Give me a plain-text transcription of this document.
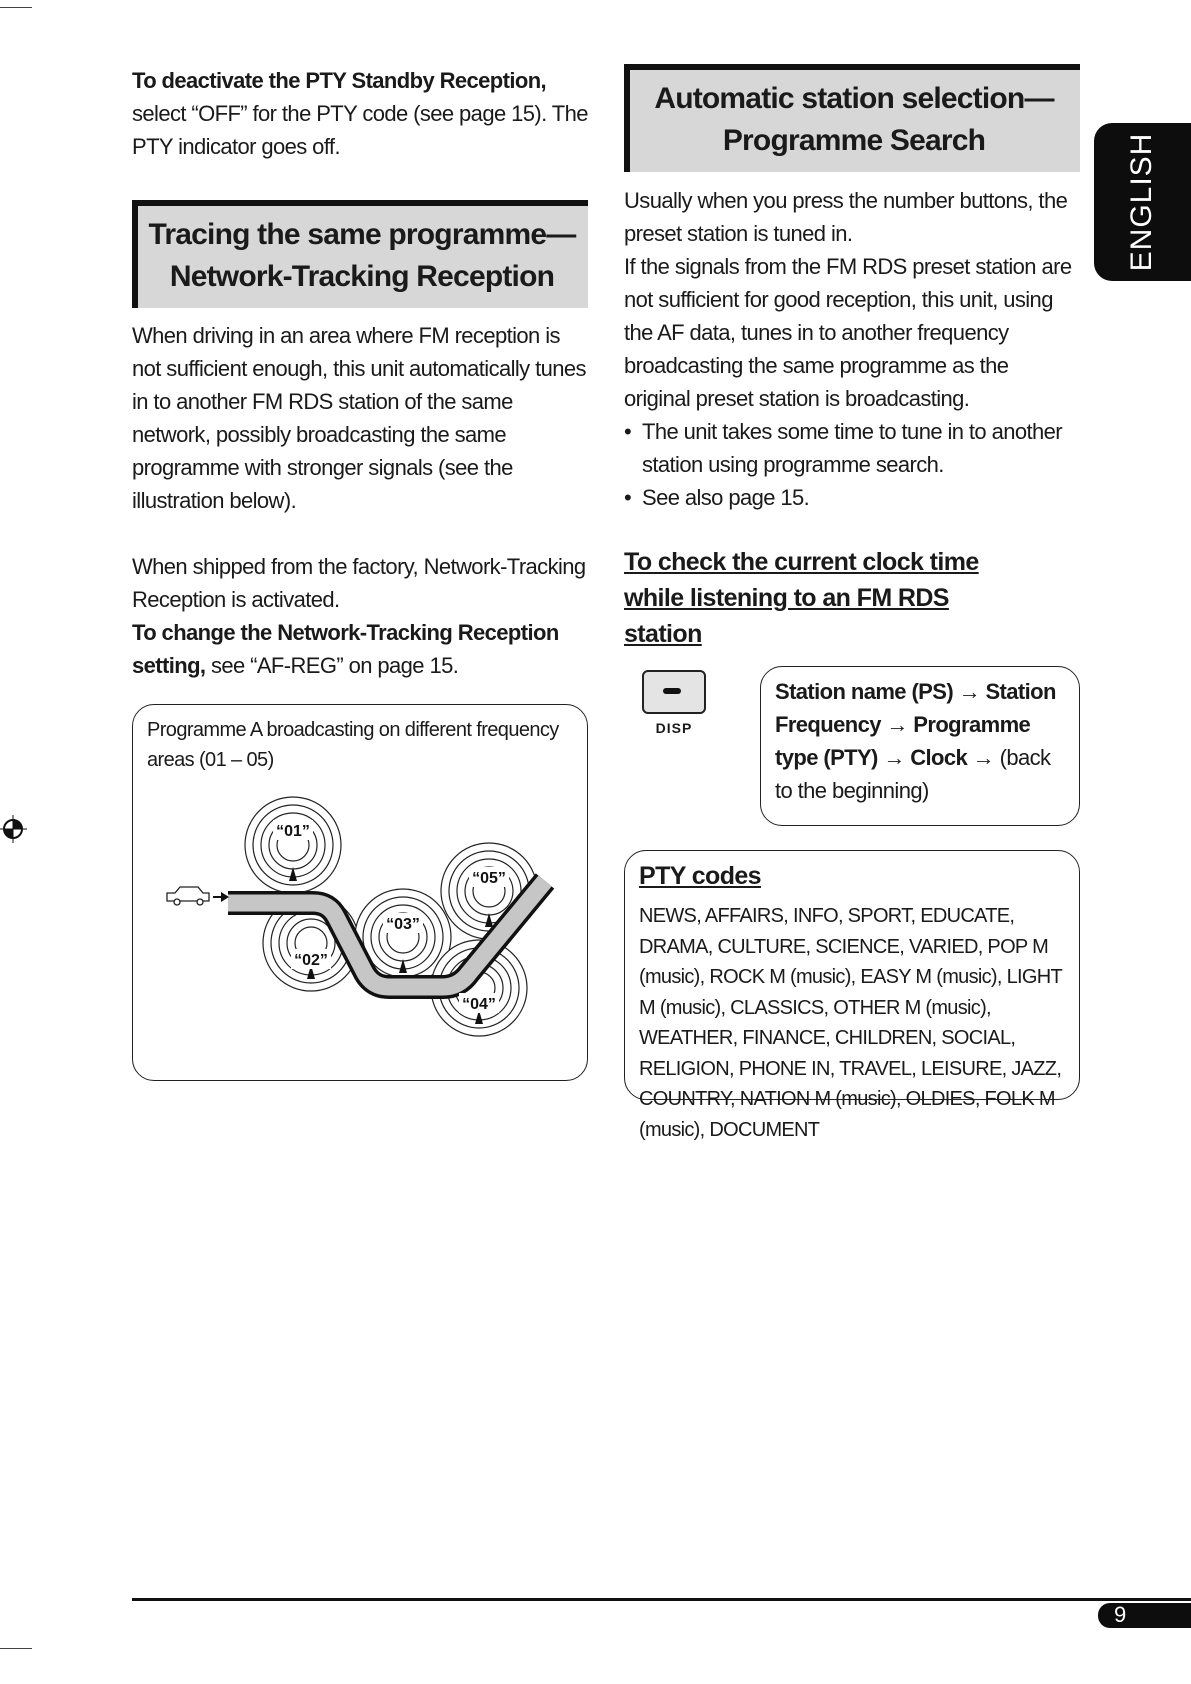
To deactivate the PTY Standby Reception, select “OFF” for the PTY code (see page 15). The PTY indicator goes off.

Tracing the same programme—
Network-Tracking Reception

When driving in an area where FM reception is not sufficient enough, this unit automatically tunes in to another FM RDS station of the same network, possibly broadcasting the same programme with stronger signals (see the illustration below).

When shipped from the factory, Network-Tracking Reception is activated.

To change the Network-Tracking Reception setting, see “AF-REG” on page 15.

Programme A broadcasting on different frequency areas (01 – 05)

“01”
“02”
“03”
“04”
“05”
Automatic station selection—
Programme Search

Usually when you press the number buttons, the preset station is tuned in.

If the signals from the FM RDS preset station are not sufficient for good reception, this unit, using the AF data, tunes in to another frequency broadcasting the same programme as the original preset station is broadcasting.

• The unit takes some time to tune in to another station using programme search.
• See also page 15.

To check the current clock time while listening to an FM RDS station

DISP

Station name (PS) → Station Frequency → Programme type (PTY) → Clock → (back to the beginning)

PTY codes

NEWS, AFFAIRS, INFO, SPORT, EDUCATE, DRAMA, CULTURE, SCIENCE, VARIED, POP M (music), ROCK M (music), EASY M (music), LIGHT M (music), CLASSICS, OTHER M (music), WEATHER, FINANCE, CHILDREN, SOCIAL, RELIGION, PHONE IN, TRAVEL, LEISURE, JAZZ, COUNTRY, NATION M (music), OLDIES, FOLK M (music), DOCUMENT

ENGLISH
9
